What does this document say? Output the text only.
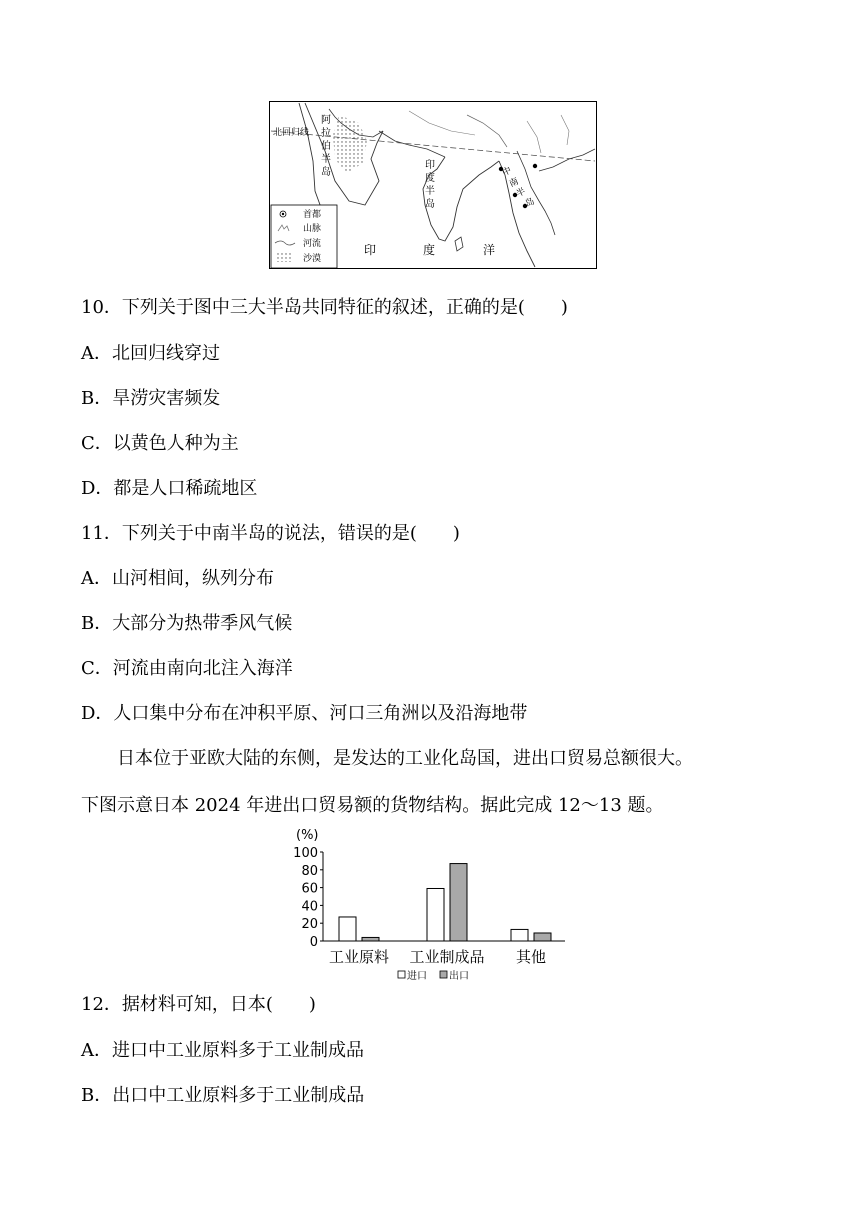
北回归线
阿
拉
伯
半
岛
印
度
半
岛
中
南
半
岛
印	度	洋
首都
山脉
河流
沙漠

10．下列关于图中三大半岛共同特征的叙述，正确的是(　　)

A．北回归线穿过

B．旱涝灾害频发

C．以黄色人种为主

D．都是人口稀疏地区

11．下列关于中南半岛的说法，错误的是(　　)

A．山河相间，纵列分布

B．大部分为热带季风气候

C．河流由南向北注入海洋

D．人口集中分布在冲积平原、河口三角洲以及沿海地带

日本位于亚欧大陆的东侧，是发达的工业化岛国，进出口贸易总额很大。

下图示意日本 2024 年进出口贸易额的货物结构。据此完成 12～13 题。

(%)
0
20
40
60
80
100
工业原料 工业制成品 其他
进口 出口

12．据材料可知，日本(　　)

A．进口中工业原料多于工业制成品

B．出口中工业原料多于工业制成品
